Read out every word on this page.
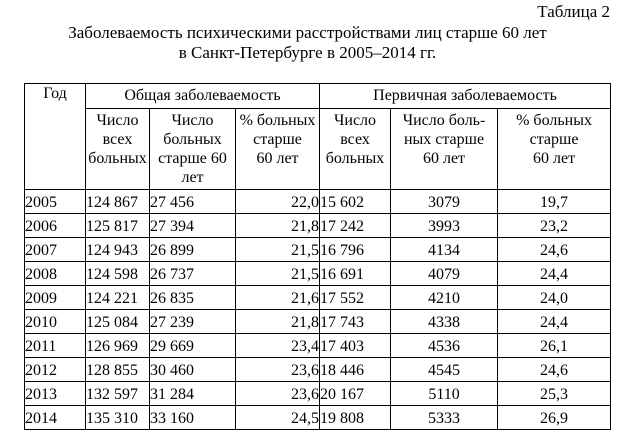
Таблица 2
Заболеваемость психическими расстройствами лиц старше 60 лет
в Санкт-Петербурге в 2005–2014 гг.
Год	Общая заболеваемость			Первичная заболеваемость		
	Число
всех
больных	Число
больных
старше 60
лет	% больных
старше
60 лет	Число
всех
больных	Число боль-
ных старше
60 лет	% больных
старше
60 лет
2005	124 867	27 456	22,0	15 602	3079	19,7
2006	125 817	27 394	21,8	17 242	3993	23,2
2007	124 943	26 899	21,5	16 796	4134	24,6
2008	124 598	26 737	21,5	16 691	4079	24,4
2009	124 221	26 835	21,6	17 552	4210	24,0
2010	125 084	27 239	21,8	17 743	4338	24,4
2011	126 969	29 669	23,4	17 403	4536	26,1
2012	128 855	30 460	23,6	18 446	4545	24,6
2013	132 597	31 284	23,6	20 167	5110	25,3
2014	135 310	33 160	24,5	19 808	5333	26,9
